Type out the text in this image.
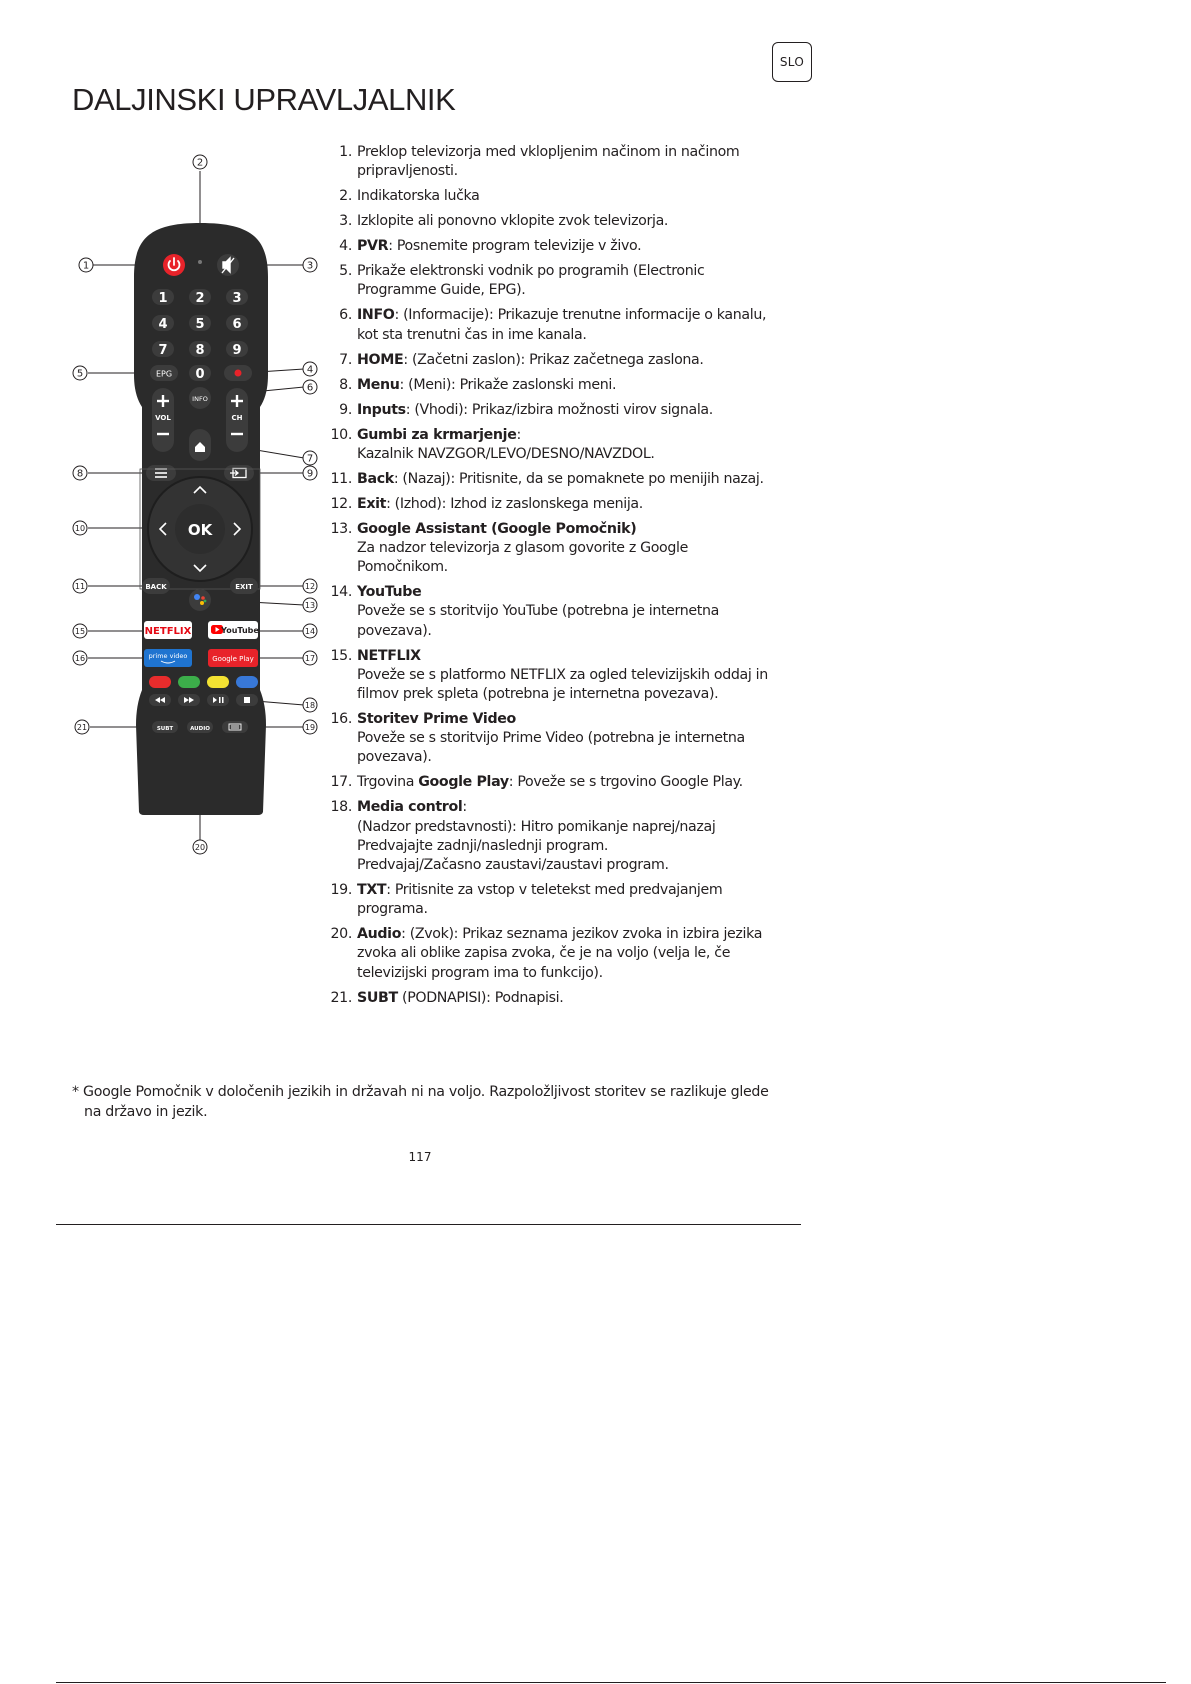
SLO
DALJINSKI UPRAVLJALNIK
1 2 3
4 5 6
7 8 9
EPG 0
VOL
INFO
CH
OK
BACK	EXIT
NETFLIX	YouTube
prime video	Google Play
SUBT	AUDIO
1
2
3
4
5
6
7
8	9
10
11	12
13
14
15
16	17
18
19
20
21
1. Preklop televizorja med vklopljenim načinom in načinom pripravljenosti.
2. Indikatorska lučka
3. Izklopite ali ponovno vklopite zvok televizorja.
4. PVR: Posnemite program televizije v živo.
5. Prikaže elektronski vodnik po programih (Electronic Programme Guide, EPG).
6. INFO: (Informacije): Prikazuje trenutne informacije o kanalu, kot sta trenutni čas in ime kanala.
7. HOME: (Začetni zaslon): Prikaz začetnega zaslona.
8. Menu: (Meni): Prikaže zaslonski meni.
9. Inputs: (Vhodi): Prikaz/izbira možnosti virov signala.
10. Gumbi za krmarjenje:
Kazalnik NAVZGOR/LEVO/DESNO/NAVZDOL.
11. Back: (Nazaj): Pritisnite, da se pomaknete po menijih nazaj.
12. Exit: (Izhod): Izhod iz zaslonskega menija.
13. Google Assistant (Google Pomočnik)
Za nadzor televizorja z glasom govorite z Google Pomočnikom.
14. YouTube
Poveže se s storitvijo YouTube (potrebna je internetna povezava).
15. NETFLIX
Poveže se s platformo NETFLIX za ogled televizijskih oddaj in filmov prek spleta (potrebna je internetna povezava).
16. Storitev Prime Video
Poveže se s storitvijo Prime Video (potrebna je internetna povezava).
17. Trgovina Google Play: Poveže se s trgovino Google Play.
18. Media control:
(Nadzor predstavnosti): Hitro pomikanje naprej/nazaj
Predvajajte zadnji/naslednji program.
Predvajaj/Začasno zaustavi/zaustavi program.
19. TXT: Pritisnite za vstop v teletekst med predvajanjem programa.
20. Audio: (Zvok): Prikaz seznama jezikov zvoka in izbira jezika zvoka ali oblike zapisa zvoka, če je na voljo (velja le, če televizijski program ima to funkcijo).
21. SUBT (PODNAPISI): Podnapisi.

* Google Pomočnik v določenih jezikih in državah ni na voljo. Razpoložljivost storitev se razlikuje glede na državo in jezik.

117
